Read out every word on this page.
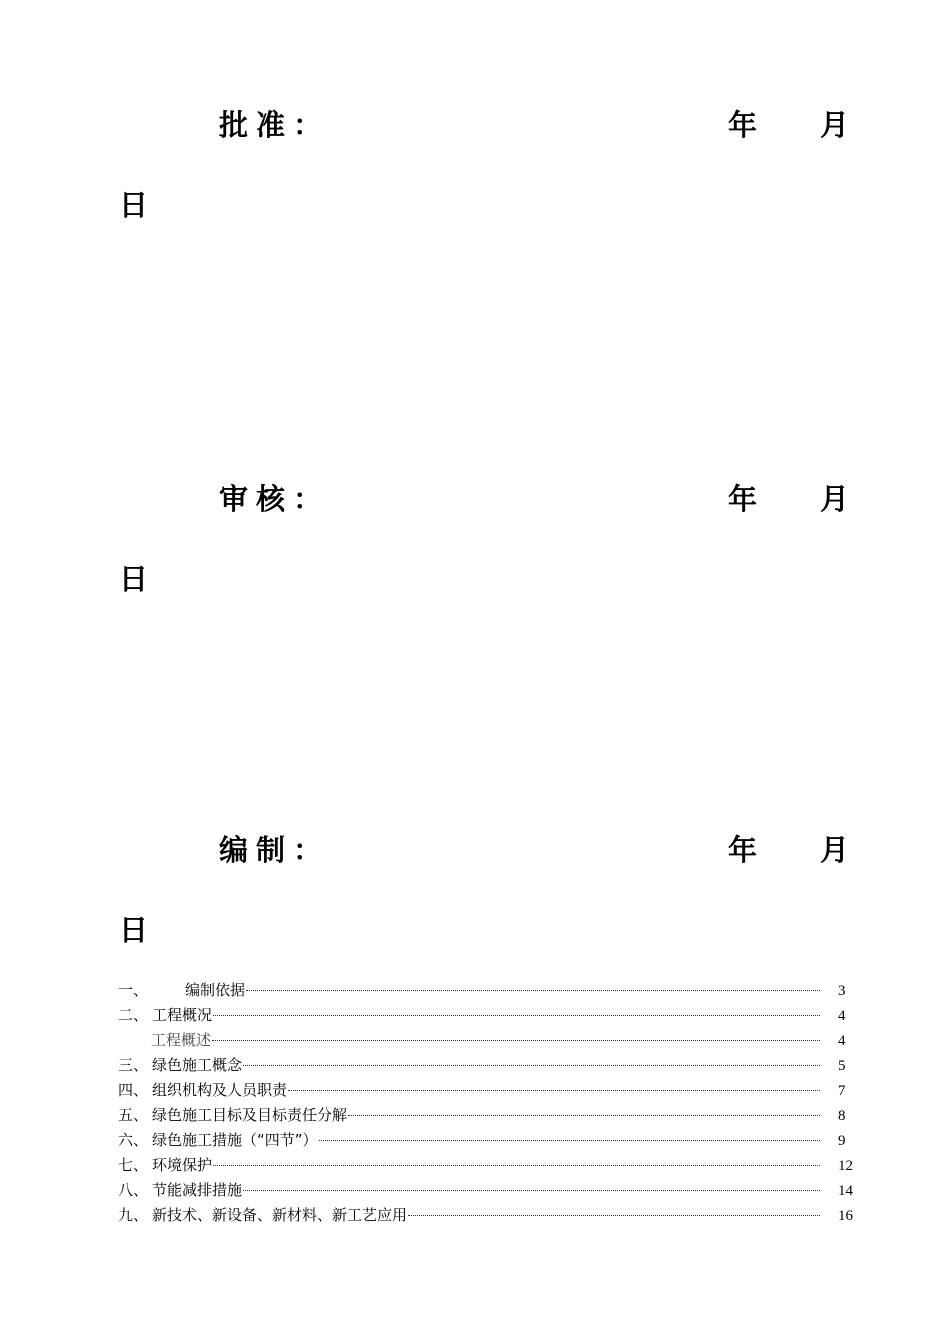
批准：	年 月
日
审核：	年 月
日
编制：	年 月
日
一、 编制依据	3
二、 工程概况	4
工程概述	4
三、 绿色施工概念	5
四、 组织机构及人员职责	7
五、 绿色施工目标及目标责任分解	8
六、 绿色施工措施（“四节”）	9
七、 环境保护	12
八、 节能减排措施	14
九、 新技术、新设备、新材料、新工艺应用	16
